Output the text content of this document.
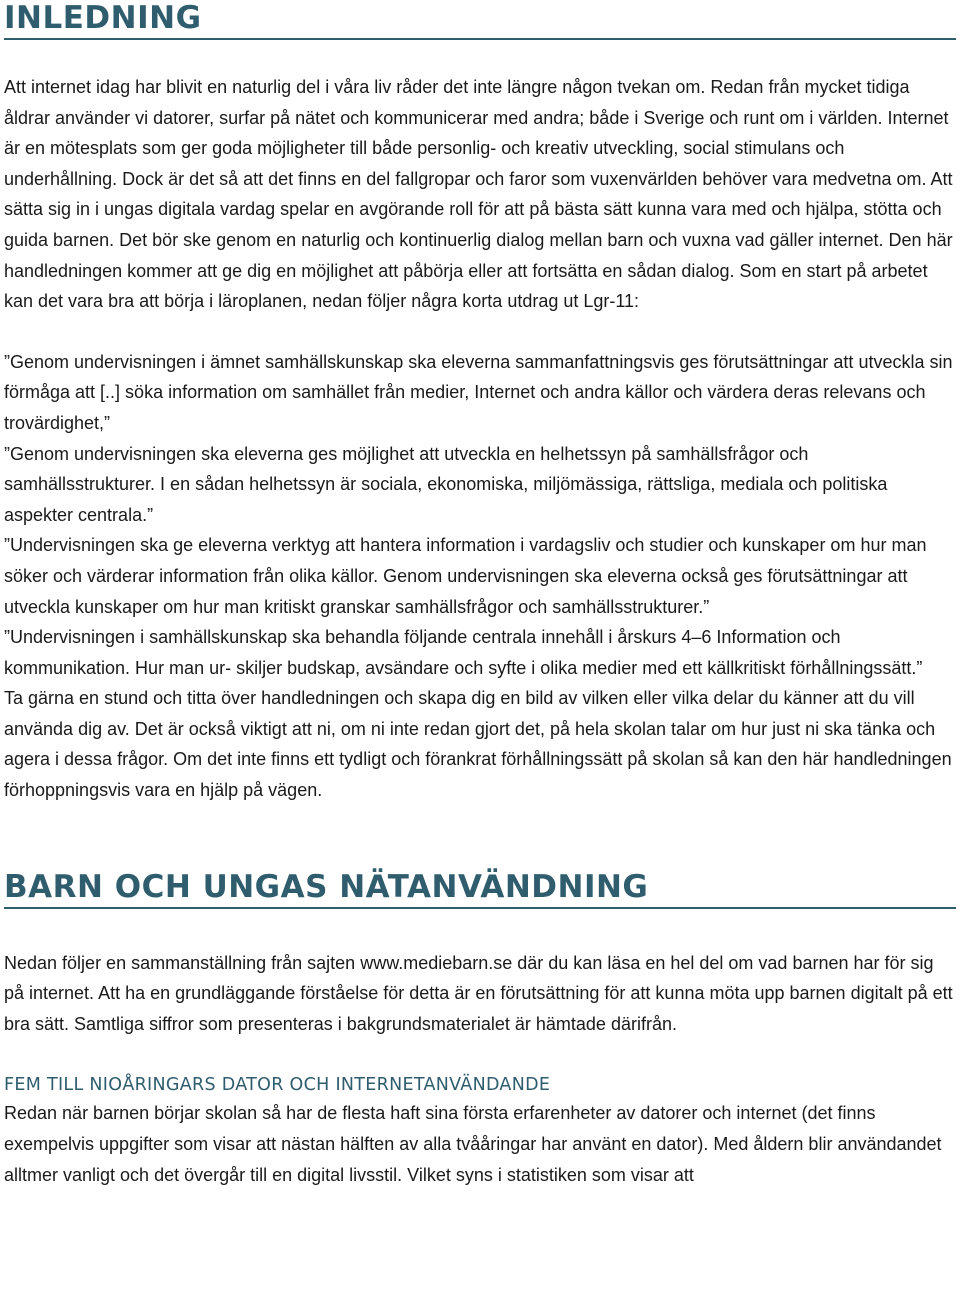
INLEDNING

Att internet idag har blivit en naturlig del i våra liv råder det inte längre någon tvekan om. Redan från mycket tidiga åldrar använder vi datorer, surfar på nätet och kommunicerar med andra; både i Sverige och runt om i världen. Internet är en mötesplats som ger goda möjligheter till både personlig- och kreativ utveckling, social stimulans och underhållning. Dock är det så att det finns en del fallgropar och faror som vuxenvärlden behöver vara medvetna om. Att sätta sig in i ungas digitala vardag spelar en avgörande roll för att på bästa sätt kunna vara med och hjälpa, stötta och guida barnen. Det bör ske genom en naturlig och kontinuerlig dialog mellan barn och vuxna vad gäller internet. Den här handledningen kommer att ge dig en möjlighet att påbörja eller att fortsätta en sådan dialog. Som en start på arbetet kan det vara bra att börja i läroplanen, nedan följer några korta utdrag ut Lgr-11:

”Genom undervisningen i ämnet samhällskunskap ska eleverna sammanfattningsvis ges förutsättningar att utveckla sin förmåga att [..] söka information om samhället från medier, Internet och andra källor och värdera deras relevans och trovärdighet,”

”Genom undervisningen ska eleverna ges möjlighet att utveckla en helhetssyn på samhällsfrågor och samhällsstrukturer. I en sådan helhetssyn är sociala, ekonomiska, miljömässiga, rättsliga, mediala och politiska aspekter centrala.”

”Undervisningen ska ge eleverna verktyg att hantera information i vardagsliv och studier och kunskaper om hur man söker och värderar information från olika källor. Genom undervisningen ska eleverna också ges förutsättningar att utveckla kunskaper om hur man kritiskt granskar samhällsfrågor och samhällsstrukturer.”

”Undervisningen i samhällskunskap ska behandla följande centrala innehåll i årskurs 4–6 Information och kommunikation. Hur man ur- skiljer budskap, avsändare och syfte i olika medier med ett källkritiskt förhållningssätt.”

Ta gärna en stund och titta över handledningen och skapa dig en bild av vilken eller vilka delar du känner att du vill använda dig av. Det är också viktigt att ni, om ni inte redan gjort det, på hela skolan talar om hur just ni ska tänka och agera i dessa frågor. Om det inte finns ett tydligt och förankrat förhållningssätt på skolan så kan den här handledningen förhoppningsvis vara en hjälp på vägen.

BARN OCH UNGAS NÄTANVÄNDNING

Nedan följer en sammanställning från sajten www.mediebarn.se där du kan läsa en hel del om vad barnen har för sig på internet. Att ha en grundläggande förståelse för detta är en förutsättning för att kunna möta upp barnen digitalt på ett bra sätt. Samtliga siffror som presenteras i bakgrundsmaterialet är hämtade därifrån.

FEM TILL NIOÅRINGARS DATOR OCH INTERNETANVÄNDANDE

Redan när barnen börjar skolan så har de flesta haft sina första erfarenheter av datorer och internet (det finns exempelvis uppgifter som visar att nästan hälften av alla tvååringar har använt en dator). Med åldern blir användandet alltmer vanligt och det övergår till en digital livsstil. Vilket syns i statistiken som visar att
